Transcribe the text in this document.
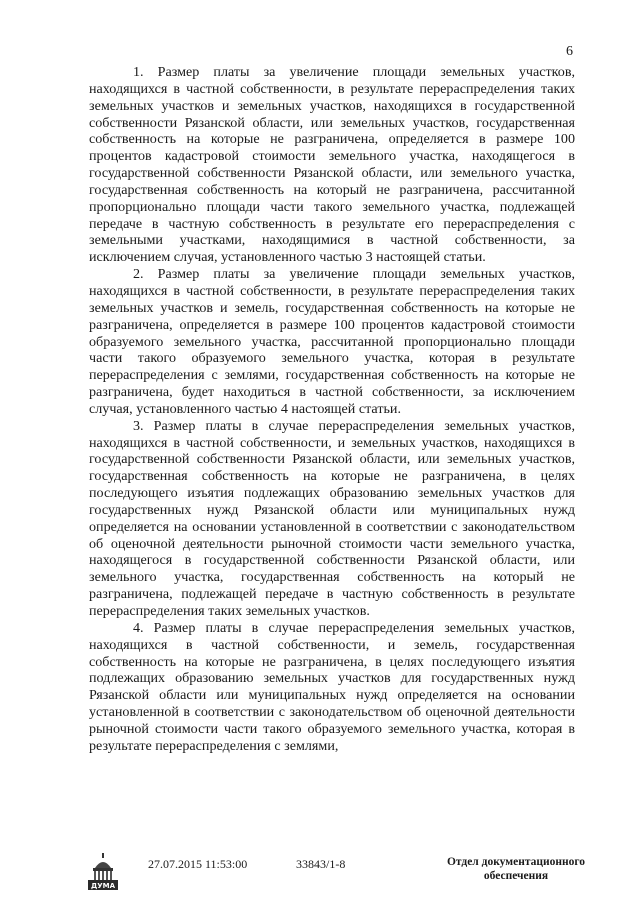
6

1. Размер платы за увеличение площади земельных участков, находящихся в частной собственности, в результате перераспределения таких земельных участков и земельных участков, находящихся в государственной собственности Рязанской области, или земельных участков, государственная собственность на которые не разграничена, определяется в размере 100 процентов кадастровой стоимости земельного участка, находящегося в государственной собственности Рязанской области, или земельного участка, государственная собственность на который не разграничена, рассчитанной пропорционально площади части такого земельного участка, подлежащей передаче в частную собственность в результате его перераспределения с земельными участками, находящимися в частной собственности, за исключением случая, установленного частью 3 настоящей статьи.

2. Размер платы за увеличение площади земельных участков, находящихся в частной собственности, в результате перераспределения таких земельных участков и земель, государственная собственность на которые не разграничена, определяется в размере 100 процентов кадастровой стоимости образуемого земельного участка, рассчитанной пропорционально площади части такого образуемого земельного участка, которая в результате перераспределения с землями, государственная собственность на которые не разграничена, будет находиться в частной собственности, за исключением случая, установленного частью 4 настоящей статьи.

3. Размер платы в случае перераспределения земельных участков, находящихся в частной собственности, и земельных участков, находящихся в государственной собственности Рязанской области, или земельных участков, государственная собственность на которые не разграничена, в целях последующего изъятия подлежащих образованию земельных участков для государственных нужд Рязанской области или муниципальных нужд определяется на основании установленной в соответствии с законодательством об оценочной деятельности рыночной стоимости части земельного участка, находящегося в государственной собственности Рязанской области, или земельного участка, государственная собственность на который не разграничена, подлежащей передаче в частную собственность в результате перераспределения таких земельных участков.

4. Размер платы в случае перераспределения земельных участков, находящихся в частной собственности, и земель, государственная собственность на которые не разграничена, в целях последующего изъятия подлежащих образованию земельных участков для государственных нужд Рязанской области или муниципальных нужд определяется на основании установленной в соответствии с законодательством об оценочной деятельности рыночной стоимости части такого образуемого земельного участка, которая в результате перераспределения с землями,

ДУМА
27.07.2015 11:53:00	33843/1-8	Отдел документационного
обеспечения
